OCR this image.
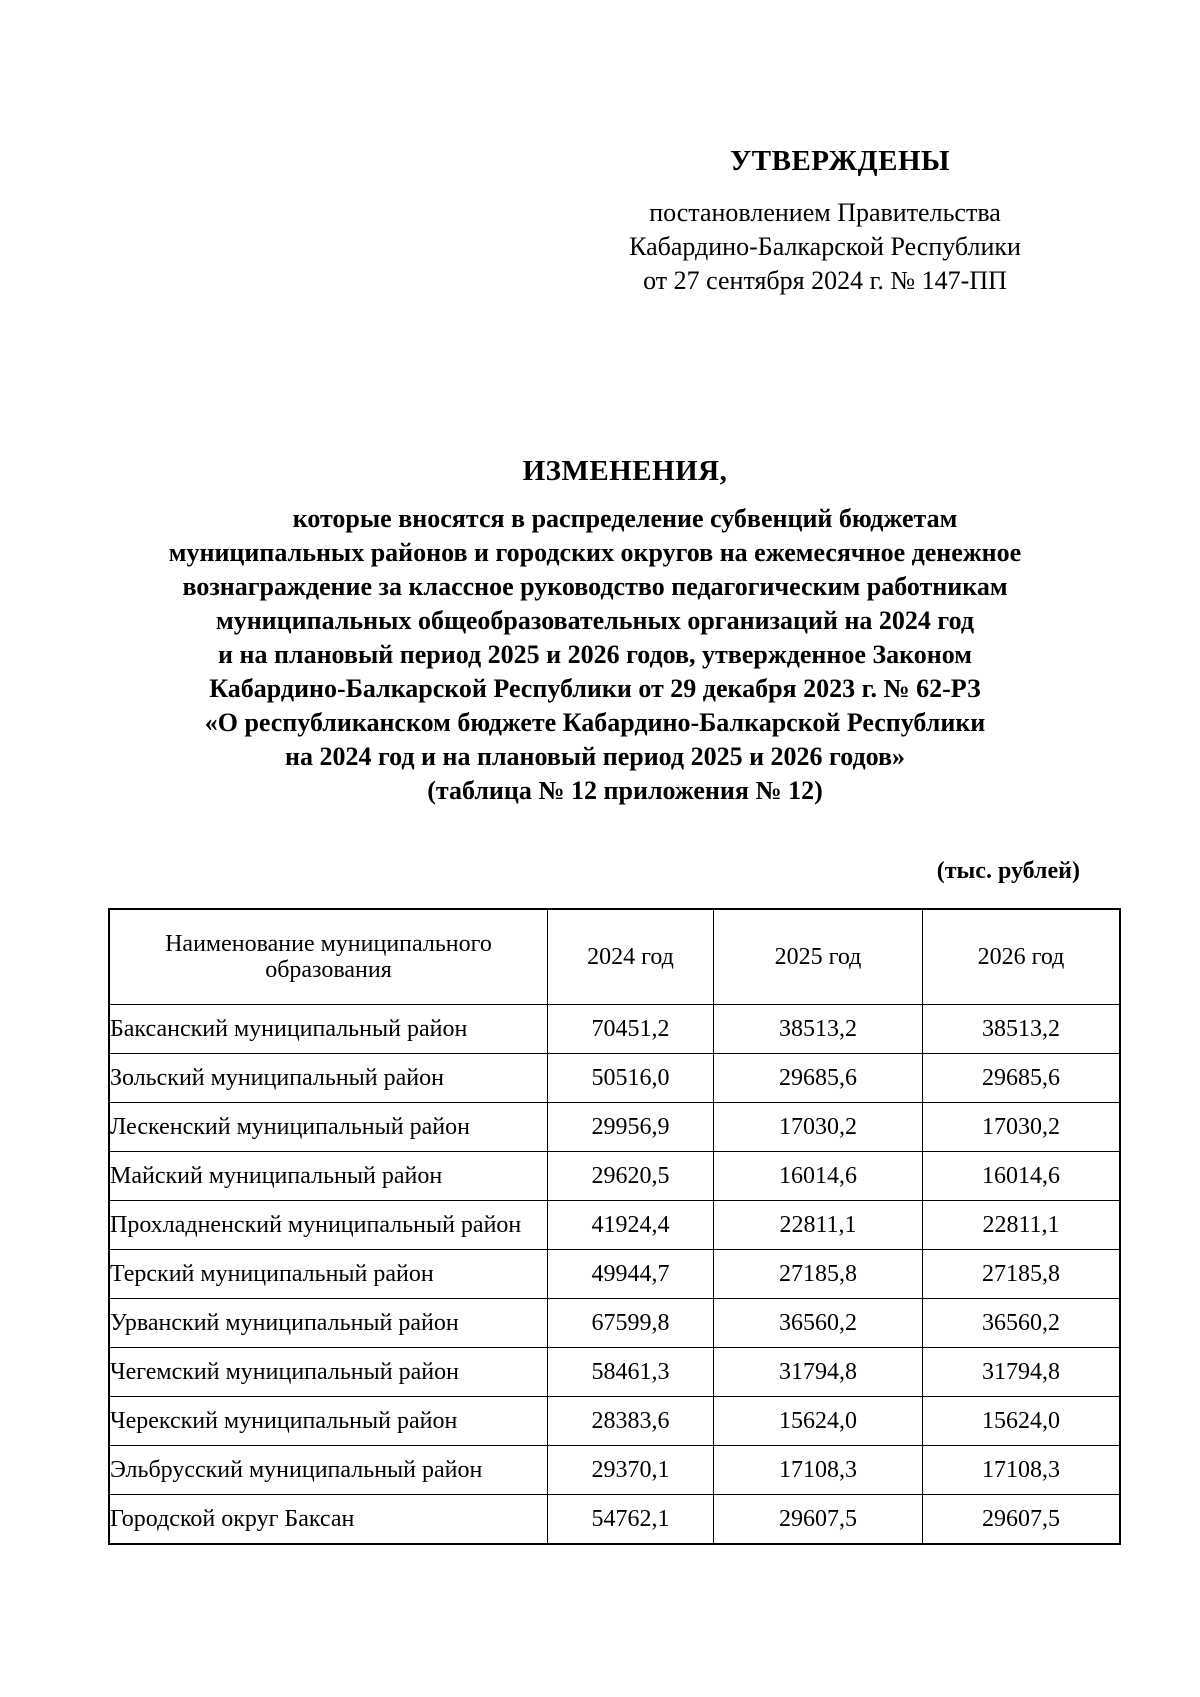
УТВЕРЖДЕНЫ
постановлением Правительства
Кабардино-Балкарской Республики
от 27 сентября 2024 г. № 147-ПП
ИЗМЕНЕНИЯ,
которые вносятся в распределение субвенций бюджетам
муниципальных районов и городских округов на ежемесячное денежное
вознаграждение за классное руководство педагогическим работникам
муниципальных общеобразовательных организаций на 2024 год
и на плановый период 2025 и 2026 годов, утвержденное Законом
Кабардино-Балкарской Республики от 29 декабря 2023 г. № 62-РЗ
«О республиканском бюджете Кабардино-Балкарской Республики
на 2024 год и на плановый период 2025 и 2026 годов»
(таблица № 12 приложения № 12)
(тыс. рублей)
Наименование муниципального образования	2024 год	2025 год	2026 год
Баксанский муниципальный район	70451,2	38513,2	38513,2
Зольский муниципальный район	50516,0	29685,6	29685,6
Лескенский муниципальный район	29956,9	17030,2	17030,2
Майский муниципальный район	29620,5	16014,6	16014,6
Прохладненский муниципальный район	41924,4	22811,1	22811,1
Терский муниципальный район	49944,7	27185,8	27185,8
Урванский муниципальный район	67599,8	36560,2	36560,2
Чегемский муниципальный район	58461,3	31794,8	31794,8
Черекский муниципальный район	28383,6	15624,0	15624,0
Эльбрусский муниципальный район	29370,1	17108,3	17108,3
Городской округ Баксан	54762,1	29607,5	29607,5
